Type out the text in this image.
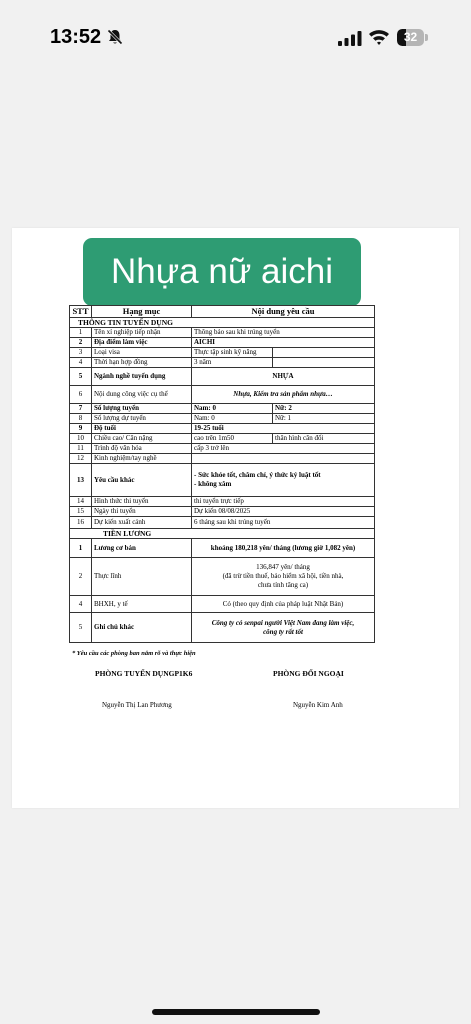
13:52	32
Nhựa nữ aichi
STT	Hạng mục	Nội dung yêu cầu	
THÔNG TIN TUYỂN DỤNG			
1	Tên xí nghiệp tiếp nhận	Thông báo sau khi trúng tuyển	
2	Địa điểm làm việc	AICHI	
3	Loại visa	Thực tập sinh kỹ năng	
4	Thời hạn hợp đồng	3 năm	
5	Ngành nghề tuyển dụng	NHỰA	
6	Nội dung công việc cụ thể	Nhựa, Kiểm tra sản phẩm nhựa…	
7	Số lượng tuyển	Nam: 0	Nữ: 2
8	Số lượng dự tuyển	Nam: 0	Nữ: 1
9	Độ tuổi	19-25 tuổi	
10	Chiều cao/ Cân nặng	cao trên 1m50	thân hình cân đối
11	Trình độ văn hóa	cấp 3 trở lên	
12	Kinh nghiệm/tay nghề		
13	Yêu cầu khác	- Sức khỏe tốt, chăm chỉ, ý thức kỷ luật tốt
- không xăm	

14	Hình thức thi tuyển	thi tuyển trực tiếp	
15	Ngày thi tuyển	Dự kiến 08/08/2025	
16	Dự kiến xuất cảnh	6 tháng sau khi trúng tuyển	
TIỀN LƯƠNG			
1	Lương cơ bản	khoảng 180,218 yên/ tháng (lương giờ 1,082 yên)	
2	Thực lĩnh	136,847 yên/ tháng
(đã trừ tiền thuế, bảo hiểm xã hội, tiền nhà,
chưa tính tăng ca)	

4	BHXH, y tế	Có (theo quy định của pháp luật Nhật Bản)	
5	Ghi chú khác	Công ty có senpai người Việt Nam đang làm việc,
công ty rất tốt	
* Yêu cầu các phòng ban nắm rõ và thực hiện
PHÒNG TUYỂN DỤNGP1K6	PHÒNG ĐỐI NGOẠI
Nguyễn Thị Lan Phương	Nguyễn Kim Anh
